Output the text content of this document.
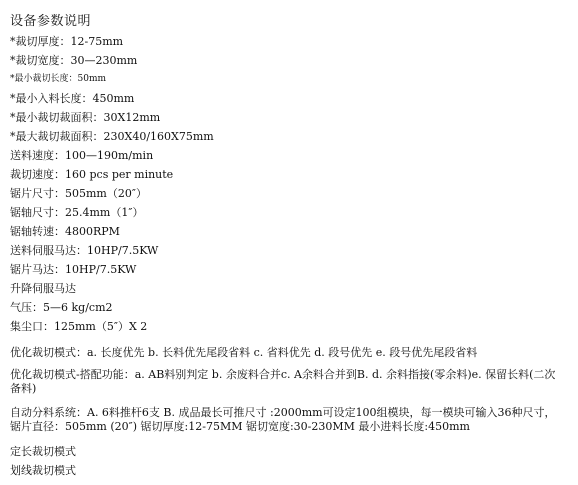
设备参数说明
*裁切厚度：12-75mm
*裁切宽度：30—230mm
*最小裁切长度：50mm
*最小入料长度：450mm
*最小裁切裁面积：30X12mm
*最大裁切裁面积：230X40/160X75mm
送料速度：100—190m/min
裁切速度：160 pcs per minute
锯片尺寸：505mm（20″）
锯轴尺寸：25.4mm（1″）
锯轴转速：4800RPM
送料伺服马达：10HP/7.5KW
锯片马达：10HP/7.5KW
升降伺服马达
气压：5—6 kg/cm2
集尘口：125mm（5″）X 2
优化裁切模式：a. 长度优先 b. 长料优先尾段省料 c. 省料优先 d. 段号优先 e. 段号优先尾段省料
优化裁切模式-搭配功能：a. AB料别判定 b. 余废料合并c. A余料合并到B. d. 余料指接(零余料)e. 保留长料(二次备料)
自动分料系统：A. 6料推杆6支 B. 成品最长可推尺寸 :2000mm可设定100组模块，每一模块可输入36种尺寸，锯片直径：505mm (20″) 锯切厚度:12-75MM 锯切宽度:30-230MM 最小进料长度:450mm
定长裁切模式
划线裁切模式
